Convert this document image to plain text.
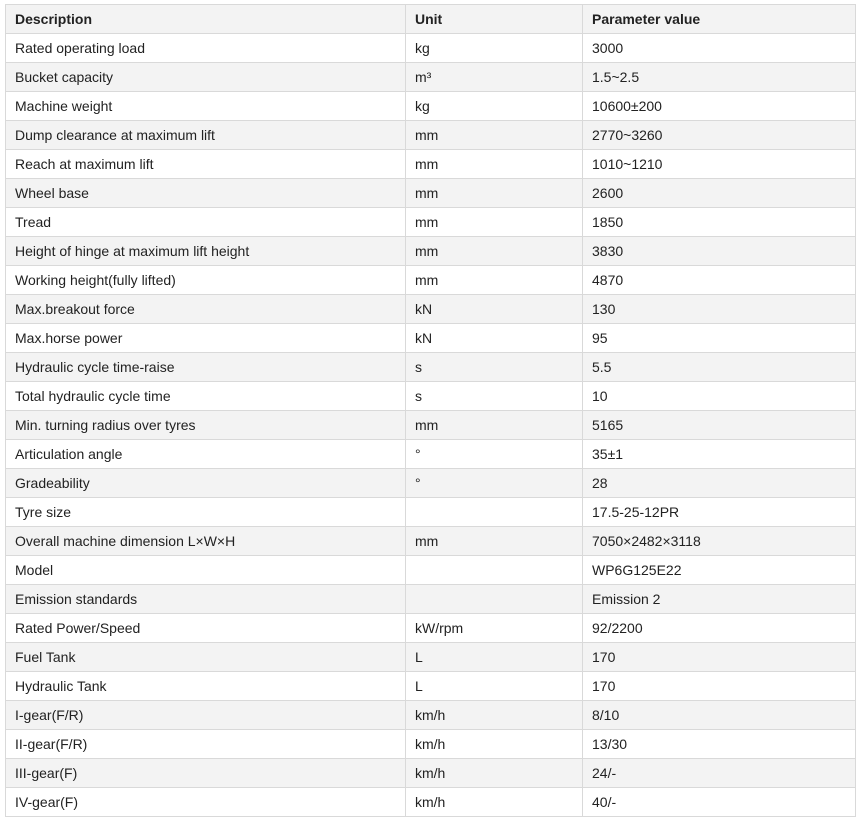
Description	Unit	Parameter value
Rated operating load	kg	3000
Bucket capacity	m³	1.5~2.5
Machine weight	kg	10600±200
Dump clearance at maximum lift	mm	2770~3260
Reach at maximum lift	mm	1010~1210
Wheel base	mm	2600
Tread	mm	1850
Height of hinge at maximum lift height	mm	3830
Working height(fully lifted)	mm	4870
Max.breakout force	kN	130
Max.horse power	kN	95
Hydraulic cycle time-raise	s	5.5
Total hydraulic cycle time	s	10
Min. turning radius over tyres	mm	5165
Articulation angle	°	35±1
Gradeability	°	28
Tyre size		17.5-25-12PR
Overall machine dimension L×W×H	mm	7050×2482×3118
Model		WP6G125E22
Emission standards		Emission 2
Rated Power/Speed	kW/rpm	92/2200
Fuel Tank	L	170
Hydraulic Tank	L	170
I-gear(F/R)	km/h	8/10
II-gear(F/R)	km/h	13/30
III-gear(F)	km/h	24/-
IV-gear(F)	km/h	40/-
